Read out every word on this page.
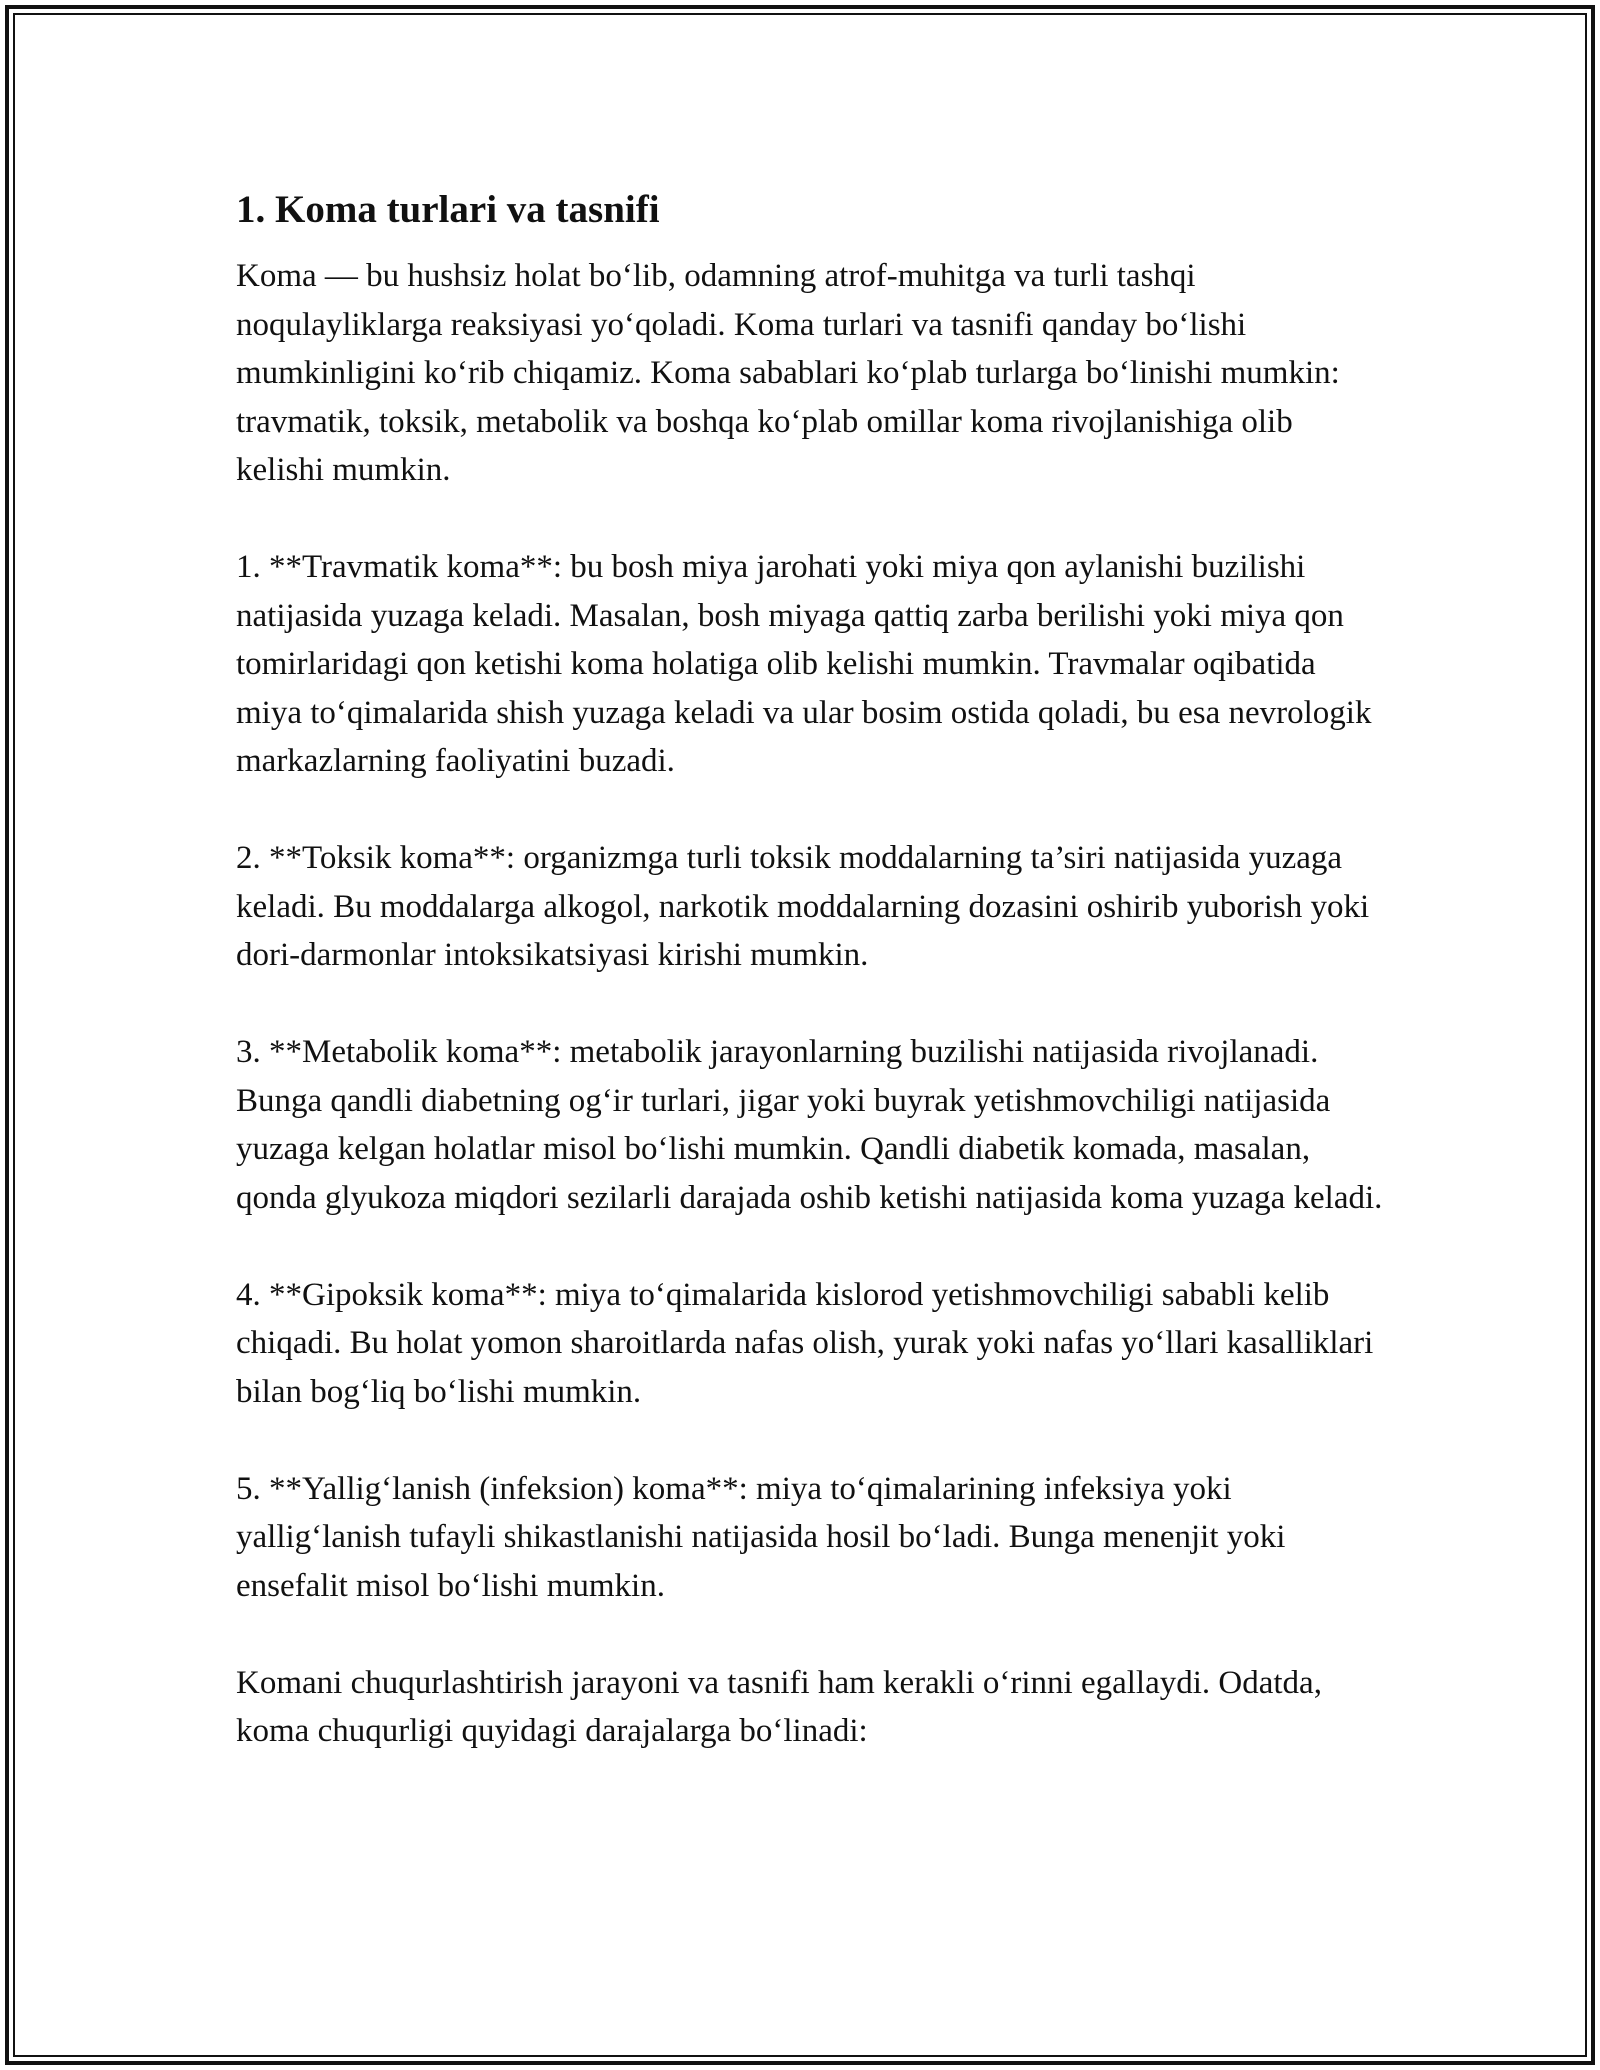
1. Koma turlari va tasnifi

Koma — bu hushsiz holat bo‘lib, odamning atrof-muhitga va turli tashqi noqulayliklarga reaksiyasi yo‘qoladi. Koma turlari va tasnifi qanday bo‘lishi mumkinligini ko‘rib chiqamiz. Koma sabablari ko‘plab turlarga bo‘linishi mumkin: travmatik, toksik, metabolik va boshqa ko‘plab omillar koma rivojlanishiga olib kelishi mumkin.

1. **Travmatik koma**: bu bosh miya jarohati yoki miya qon aylanishi buzilishi natijasida yuzaga keladi. Masalan, bosh miyaga qattiq zarba berilishi yoki miya qon tomirlaridagi qon ketishi koma holatiga olib kelishi mumkin. Travmalar oqibatida miya to‘qimalarida shish yuzaga keladi va ular bosim ostida qoladi, bu esa nevrologik markazlarning faoliyatini buzadi.

2. **Toksik koma**: organizmga turli toksik moddalarning ta’siri natijasida yuzaga keladi. Bu moddalarga alkogol, narkotik moddalarning dozasini oshirib yuborish yoki dori-darmonlar intoksikatsiyasi kirishi mumkin.

3. **Metabolik koma**: metabolik jarayonlarning buzilishi natijasida rivojlanadi. Bunga qandli diabetning og‘ir turlari, jigar yoki buyrak yetishmovchiligi natijasida yuzaga kelgan holatlar misol bo‘lishi mumkin. Qandli diabetik komada, masalan, qonda glyukoza miqdori sezilarli darajada oshib ketishi natijasida koma yuzaga keladi.

4. **Gipoksik koma**: miya to‘qimalarida kislorod yetishmovchiligi sababli kelib chiqadi. Bu holat yomon sharoitlarda nafas olish, yurak yoki nafas yo‘llari kasalliklari bilan bog‘liq bo‘lishi mumkin.

5. **Yallig‘lanish (infeksion) koma**: miya to‘qimalarining infeksiya yoki yallig‘lanish tufayli shikastlanishi natijasida hosil bo‘ladi. Bunga menenjit yoki ensefalit misol bo‘lishi mumkin.

Komani chuqurlashtirish jarayoni va tasnifi ham kerakli o‘rinni egallaydi. Odatda, koma chuqurligi quyidagi darajalarga bo‘linadi:
